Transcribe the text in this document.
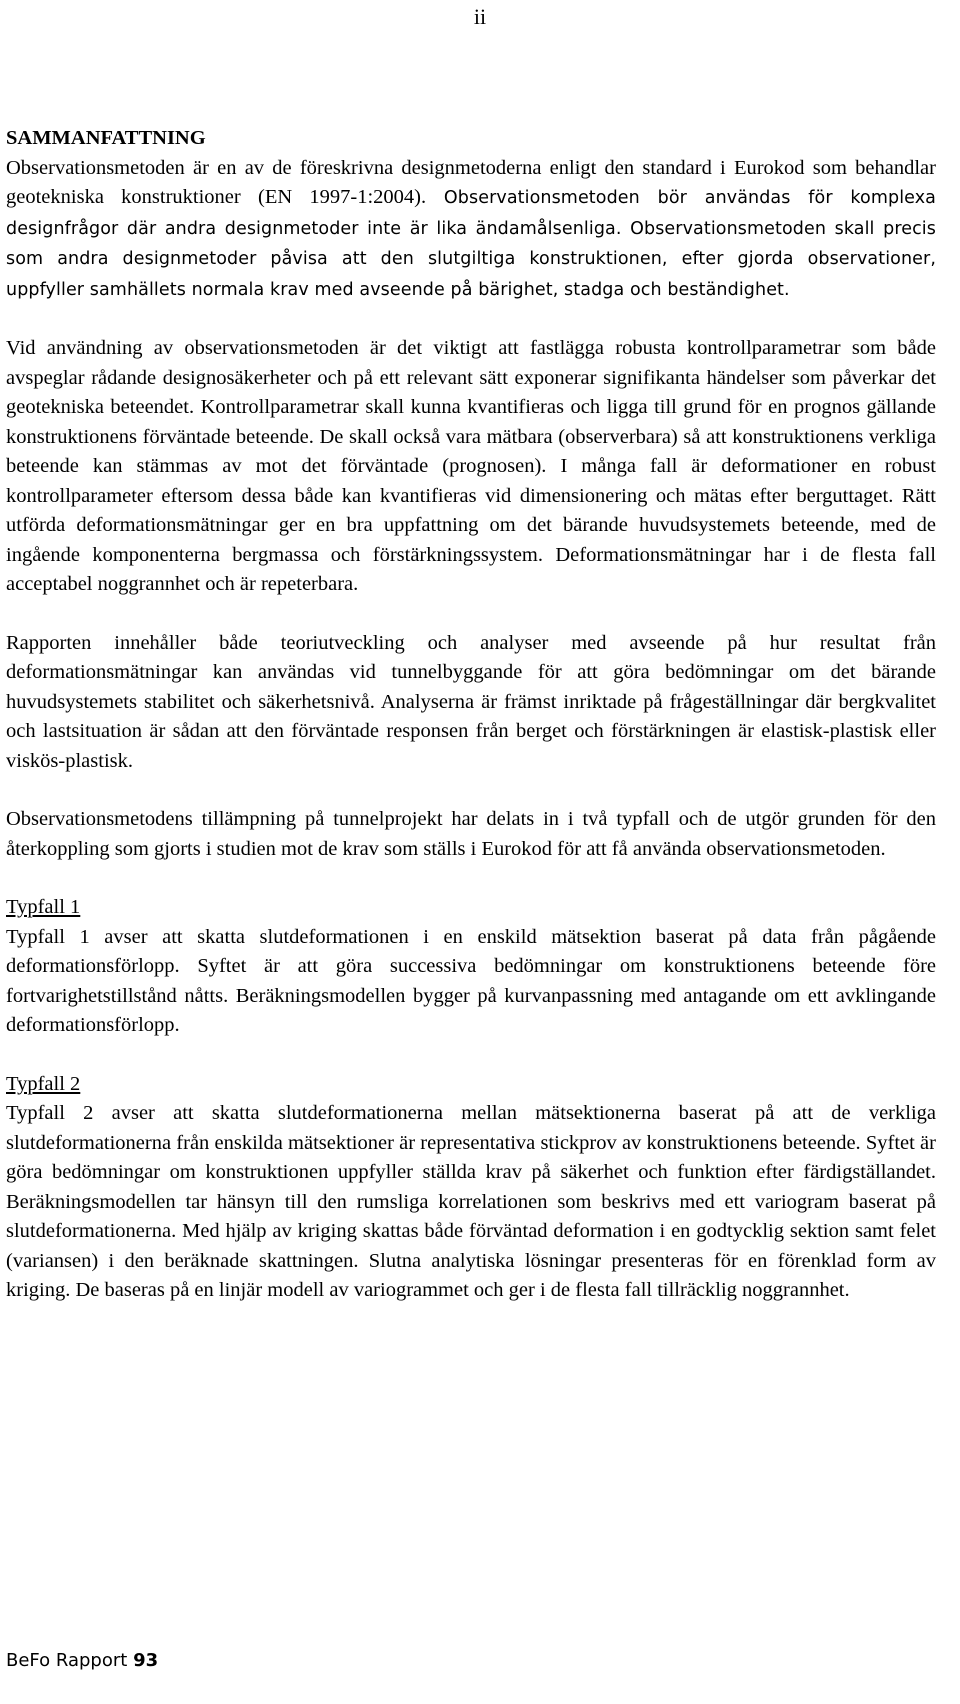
ii

SAMMANFATTNING

Observationsmetoden är en av de föreskrivna designmetoderna enligt den standard i Eurokod som behandlar geotekniska konstruktioner (EN 1997-1:2004). Observationsmetoden bör användas för komplexa designfrågor där andra designmetoder inte är lika ändamålsenliga. Observationsmetoden skall precis som andra designmetoder påvisa att den slutgiltiga konstruktionen, efter gjorda observationer, uppfyller samhällets normala krav med avseende på bärighet, stadga och beständighet.

Vid användning av observationsmetoden är det viktigt att fastlägga robusta kontrollparametrar som både avspeglar rådande designosäkerheter och på ett relevant sätt exponerar signifikanta händelser som påverkar det geotekniska beteendet. Kontrollparametrar skall kunna kvantifieras och ligga till grund för en prognos gällande konstruktionens förväntade beteende. De skall också vara mätbara (observerbara) så att konstruktionens verkliga beteende kan stämmas av mot det förväntade (prognosen). I många fall är deformationer en robust kontrollparameter eftersom dessa både kan kvantifieras vid dimensionering och mätas efter berguttaget. Rätt utförda deformationsmätningar ger en bra uppfattning om det bärande huvudsystemets beteende, med de ingående komponenterna bergmassa och förstärkningssystem. Deformationsmätningar har i de flesta fall acceptabel noggrannhet och är repeterbara.

Rapporten innehåller både teoriutveckling och analyser med avseende på hur resultat från deformationsmätningar kan användas vid tunnelbyggande för att göra bedömningar om det bärande huvudsystemets stabilitet och säkerhetsnivå. Analyserna är främst inriktade på frågeställningar där bergkvalitet och lastsituation är sådan att den förväntade responsen från berget och förstärkningen är elastisk-plastisk eller viskös-plastisk.

Observationsmetodens tillämpning på tunnelprojekt har delats in i två typfall och de utgör grunden för den återkoppling som gjorts i studien mot de krav som ställs i Eurokod för att få använda observationsmetoden.

Typfall 1

Typfall 1 avser att skatta slutdeformationen i en enskild mätsektion baserat på data från pågående deformationsförlopp. Syftet är att göra successiva bedömningar om konstruktionens beteende före fortvarighetstillstånd nåtts. Beräkningsmodellen bygger på kurvanpassning med antagande om ett avklingande deformationsförlopp.

Typfall 2

Typfall 2 avser att skatta slutdeformationerna mellan mätsektionerna baserat på att de verkliga slutdeformationerna från enskilda mätsektioner är representativa stickprov av konstruktionens beteende. Syftet är göra bedömningar om konstruktionen uppfyller ställda krav på säkerhet och funktion efter färdigställandet. Beräkningsmodellen tar hänsyn till den rumsliga korrelationen som beskrivs med ett variogram baserat på slutdeformationerna. Med hjälp av kriging skattas både förväntad deformation i en godtycklig sektion samt felet (variansen) i den beräknade skattningen. Slutna analytiska lösningar presenteras för en förenklad form av kriging. De baseras på en linjär modell av variogrammet och ger i de flesta fall tillräcklig noggrannhet.

BeFo Rapport 93
